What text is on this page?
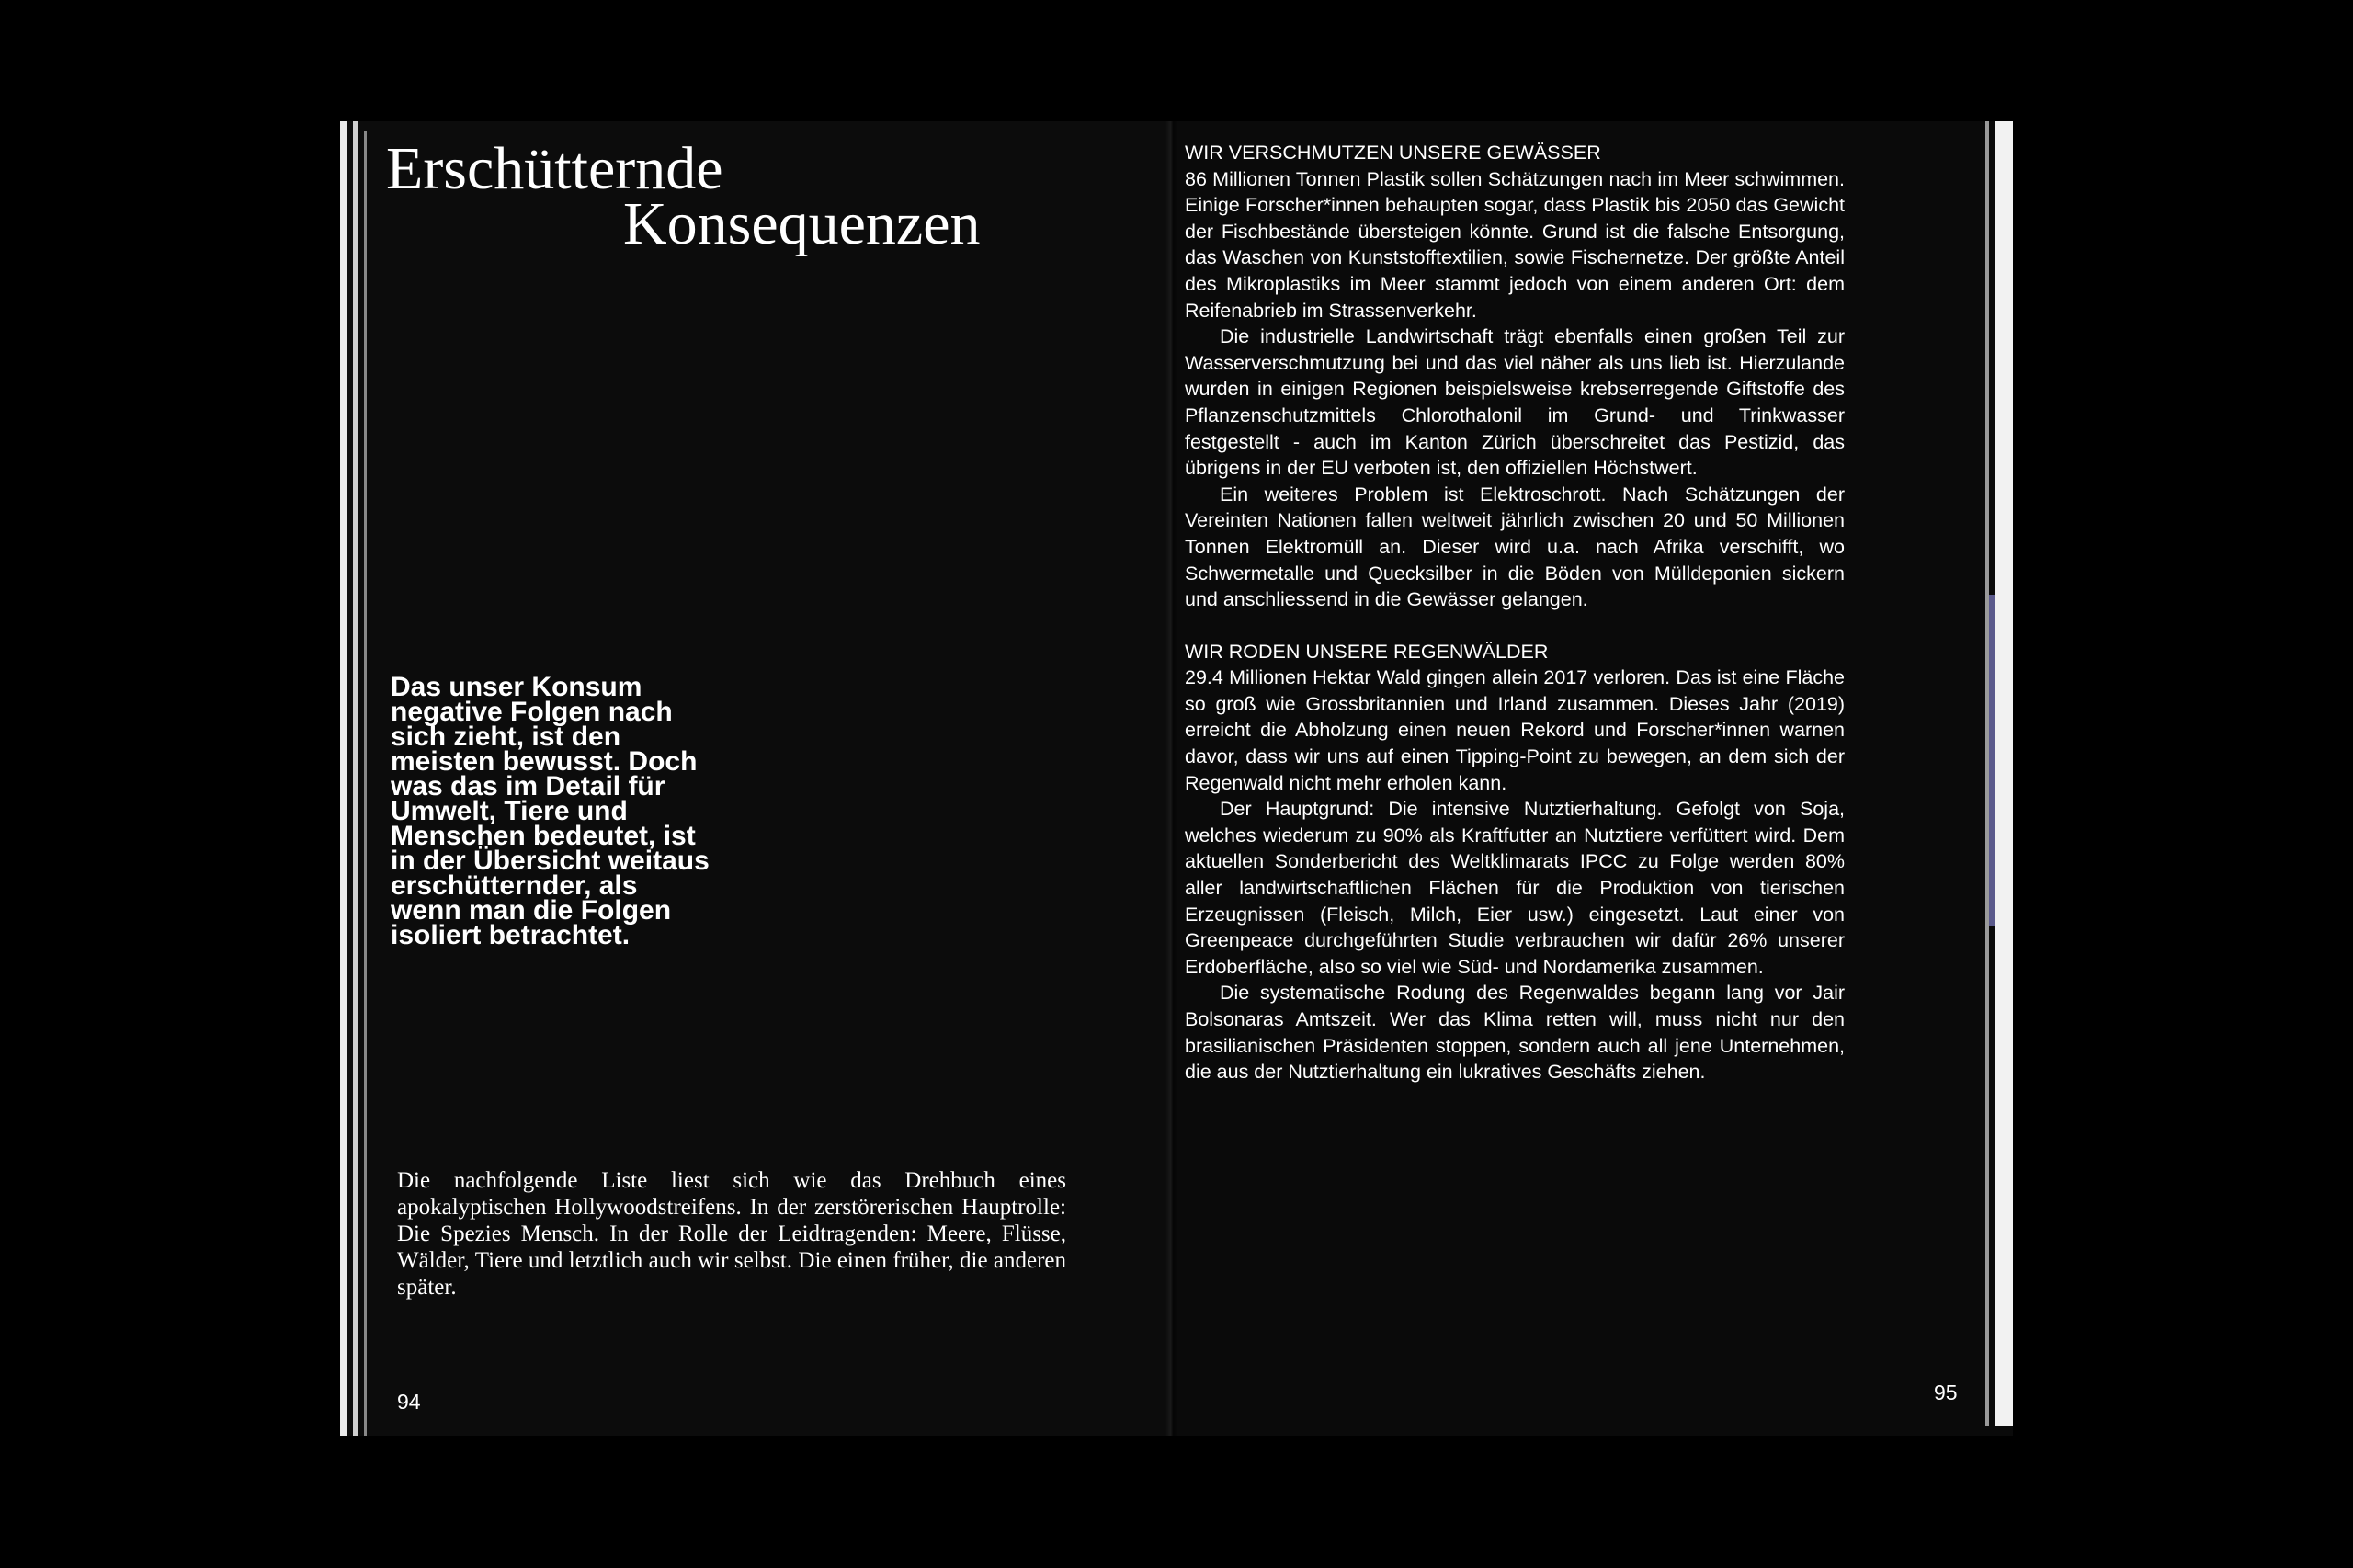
Erschütternde
Konsequenzen

Das unser Konsum negative Folgen nach sich zieht, ist den meisten bewusst. Doch was das im Detail für Umwelt, Tiere und Menschen bedeutet, ist in der Übersicht weitaus erschütternder, als wenn man die Folgen isoliert betrachtet.

Die nachfolgende Liste liest sich wie das Drehbuch eines apokalyptischen Hollywoodstreifens. In der zerstörerischen Hauptrolle: Die Spezies Mensch. In der Rolle der Leidtragenden: Meere, Flüsse, Wälder, Tiere und letztlich auch wir selbst. Die einen früher, die anderen später.

94
WIR VERSCHMUTZEN UNSERE GEWÄSSER

86 Millionen Tonnen Plastik sollen Schätzungen nach im Meer schwimmen. Einige Forscher*innen behaupten sogar, dass Plastik bis 2050 das Gewicht der Fischbestände übersteigen könnte. Grund ist die falsche Entsorgung, das Waschen von Kunststofftextilien, sowie Fischernetze. Der größte Anteil des Mikroplastiks im Meer stammt jedoch von einem anderen Ort: dem Reifenabrieb im Strassenverkehr.

Die industrielle Landwirtschaft trägt ebenfalls einen großen Teil zur Wasserverschmutzung bei und das viel näher als uns lieb ist. Hierzulande wurden in einigen Regionen beispielsweise krebserregende Giftstoffe des Pflanzenschutzmittels Chlorothalonil im Grund- und Trinkwasser festgestellt - auch im Kanton Zürich überschreitet das Pestizid, das übrigens in der EU verboten ist, den offiziellen Höchstwert.

Ein weiteres Problem ist Elektroschrott. Nach Schätzungen der Vereinten Nationen fallen weltweit jährlich zwischen 20 und 50 Millionen Tonnen Elektromüll an. Dieser wird u.a. nach Afrika verschifft, wo Schwermetalle und Quecksilber in die Böden von Mülldeponien sickern und anschliessend in die Gewässer gelangen.

WIR RODEN UNSERE REGENWÄLDER

29.4 Millionen Hektar Wald gingen allein 2017 verloren. Das ist eine Fläche so groß wie Grossbritannien und Irland zusammen. Dieses Jahr (2019) erreicht die Abholzung einen neuen Rekord und Forscher*innen warnen davor, dass wir uns auf einen Tipping-Point zu bewegen, an dem sich der Regenwald nicht mehr erholen kann.

Der Hauptgrund: Die intensive Nutztierhaltung. Gefolgt von Soja, welches wiederum zu 90% als Kraftfutter an Nutztiere verfüttert wird. Dem aktuellen Sonderbericht des Weltklimarats IPCC zu Folge werden 80% aller landwirtschaftlichen Flächen für die Produktion von tierischen Erzeugnissen (Fleisch, Milch, Eier usw.) eingesetzt. Laut einer von Greenpeace durchgeführten Studie verbrauchen wir dafür 26% unserer Erdoberfläche, also so viel wie Süd- und Nordamerika zusammen.

Die systematische Rodung des Regenwaldes begann lang vor Jair Bolsonaras Amtszeit. Wer das Klima retten will, muss nicht nur den brasilianischen Präsidenten stoppen, sondern auch all jene Unternehmen, die aus der Nutztierhaltung ein lukratives Geschäfts ziehen.

95
